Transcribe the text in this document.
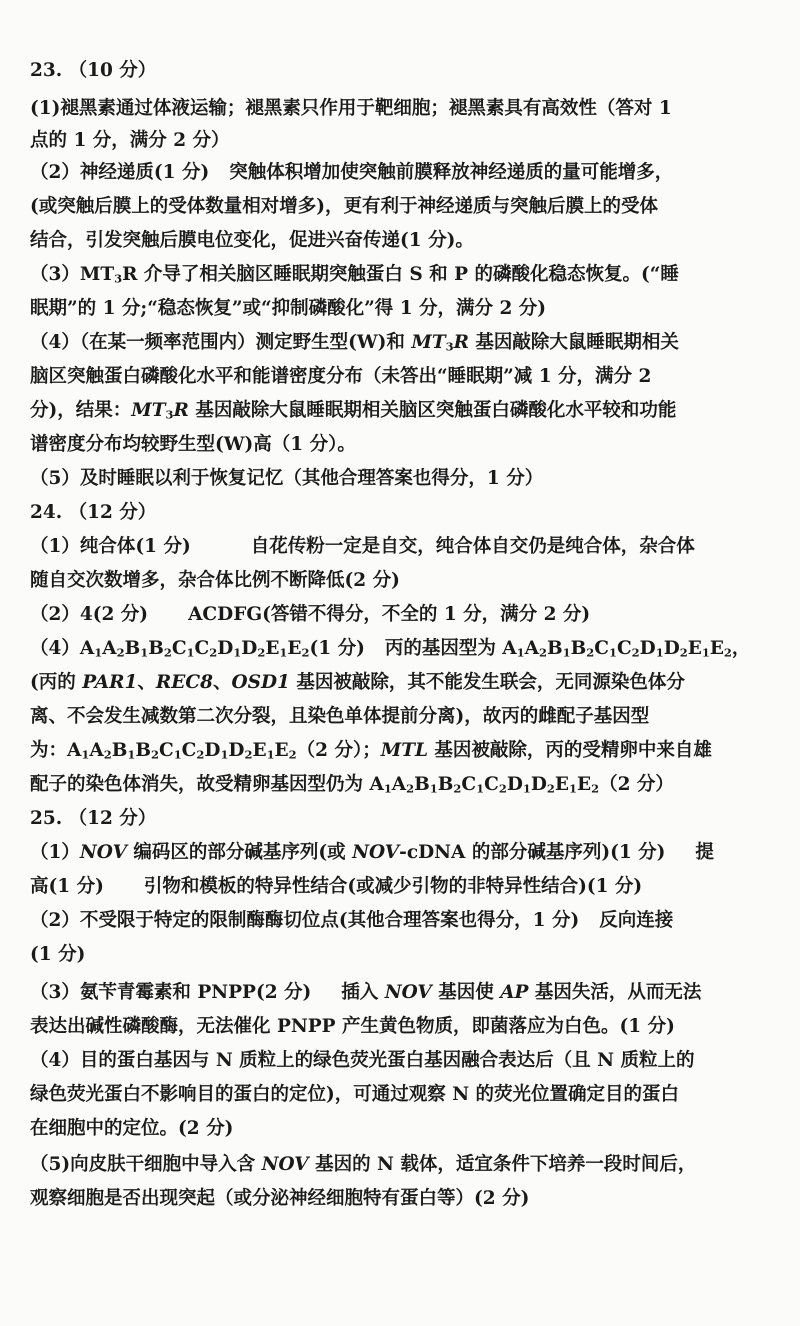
23. （10 分）
(1)褪黑素通过体液运输；褪黑素只作用于靶细胞；褪黑素具有高效性（答对 1
点的 1 分，满分 2 分）
（2）神经递质(1 分) 突触体积增加使突触前膜释放神经递质的量可能增多，
(或突触后膜上的受体数量相对增多)，更有利于神经递质与突触后膜上的受体
结合，引发突触后膜电位变化，促进兴奋传递(1 分)。
$(3)MT_3R$ 介导了相关脑区睡眠期突触蛋白 S 和 P 的磷酸化稳态恢复。(“睡
眠期”的 1 分;“稳态恢复”或“抑制磷酸化”得 1 分，满分 2 分)
（4）（在某一频率范围内）测定野生型(W)和 $MT_3R$ 基因敲除大鼠睡眠期相关
脑区突触蛋白磷酸化水平和能谱密度分布（未答出“睡眠期”减 1 分，满分 2
分)，结果：$MT_3R$ 基因敲除大鼠睡眠期相关脑区突触蛋白磷酸化水平较和功能
谱密度分布均较野生型(W)高（1 分）。
（5）及时睡眠以利于恢复记忆（其他合理答案也得分，1 分）
24. （12 分）
（1）纯合体(1 分)	自花传粉一定是自交，纯合体自交仍是纯合体，杂合体
随自交次数增多，杂合体比例不断降低(2 分)
（2）4(2 分) ACDFG(答错不得分，不全的 1 分，满分 2 分)
$(4)A_1A_2B_1B_2C_1C_2D_1D_2E_1E_2(1$ 分) 丙的基因型为 $A_1A_2B_1B_2C_1C_2D_1D_2E_1E_2$，
(丙的 PAR1、REC8、OSD1 基因被敲除，其不能发生联会，无同源染色体分
离、不会发生减数第二次分裂，且染色单体提前分离)，故丙的雌配子基因型
为：$A_1A_2B_1B_2C_1C_2D_1D_2E_1E_2(2$ 分）；MTL 基因被敲除，丙的受精卵中来自雄
配子的染色体消失，故受精卵基因型仍为 $A_1A_2B_1B_2C_1C_2D_1D_2E_1E_2(2$ 分）
25. （12 分）
（1）NOV 编码区的部分碱基序列(或 NOV-cDNA 的部分碱基序列)(1 分) 提
高(1 分) 引物和模板的特异性结合(或减少引物的非特异性结合)(1 分)
（2）不受限于特定的限制酶酶切位点(其他合理答案也得分，1 分) 反向连接
(1 分)
（3）氨苄青霉素和 PNPP(2 分) 插入 NOV 基因使 AP 基因失活，从而无法
表达出碱性磷酸酶，无法催化 PNPP 产生黄色物质，即菌落应为白色。(1 分)
（4）目的蛋白基因与 N 质粒上的绿色荧光蛋白基因融合表达后（且 N 质粒上的
绿色荧光蛋白不影响目的蛋白的定位)，可通过观察 N 的荧光位置确定目的蛋白
在细胞中的定位。(2 分)
（5)向皮肤干细胞中导入含 NOV 基因的 N 载体，适宜条件下培养一段时间后，
观察细胞是否出现突起（或分泌神经细胞特有蛋白等）(2 分)
